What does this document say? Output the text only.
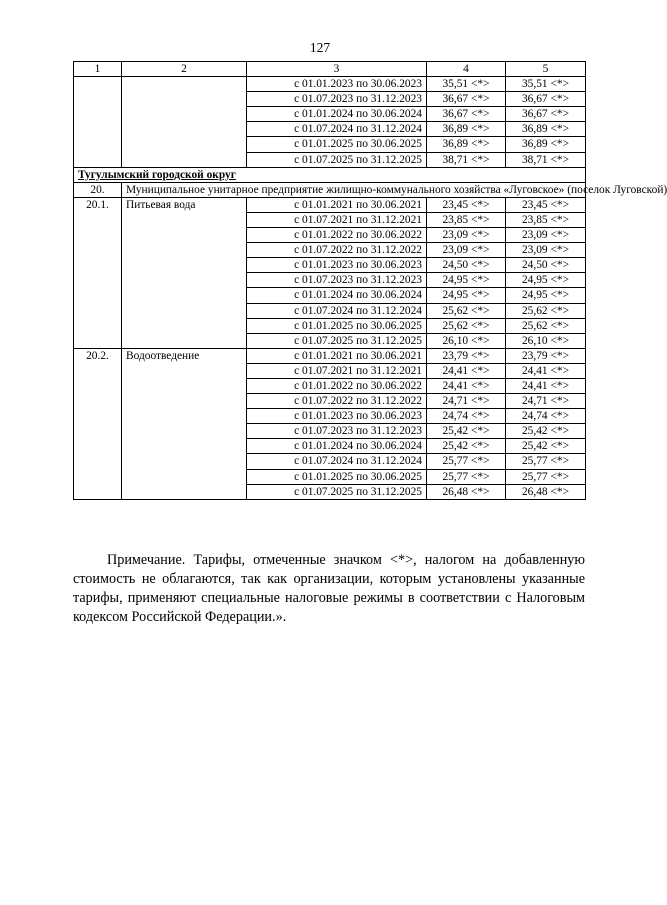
127
1	2	3	4	5
		с 01.01.2023 по 30.06.2023	35,51 <*>	35,51 <*>
		с 01.07.2023 по 31.12.2023	36,67 <*>	36,67 <*>
		с 01.01.2024 по 30.06.2024	36,67 <*>	36,67 <*>
		с 01.07.2024 по 31.12.2024	36,89 <*>	36,89 <*>
		с 01.01.2025 по 30.06.2025	36,89 <*>	36,89 <*>
		с 01.07.2025 по 31.12.2025	38,71 <*>	38,71 <*>
Тугулымский городской округ				
20.	Муниципальное унитарное предприятие жилищно-коммунального хозяйства «Луговское» (поселок Луговской)			
20.1.	Питьевая вода	с 01.01.2021 по 30.06.2021	23,45 <*>	23,45 <*>
		с 01.07.2021 по 31.12.2021	23,85 <*>	23,85 <*>
		с 01.01.2022 по 30.06.2022	23,09 <*>	23,09 <*>
		с 01.07.2022 по 31.12.2022	23,09 <*>	23,09 <*>
		с 01.01.2023 по 30.06.2023	24,50 <*>	24,50 <*>
		с 01.07.2023 по 31.12.2023	24,95 <*>	24,95 <*>
		с 01.01.2024 по 30.06.2024	24,95 <*>	24,95 <*>
		с 01.07.2024 по 31.12.2024	25,62 <*>	25,62 <*>
		с 01.01.2025 по 30.06.2025	25,62 <*>	25,62 <*>
		с 01.07.2025 по 31.12.2025	26,10 <*>	26,10 <*>
20.2.	Водоотведение	с 01.01.2021 по 30.06.2021	23,79 <*>	23,79 <*>
		с 01.07.2021 по 31.12.2021	24,41 <*>	24,41 <*>
		с 01.01.2022 по 30.06.2022	24,41 <*>	24,41 <*>
		с 01.07.2022 по 31.12.2022	24,71 <*>	24,71 <*>
		с 01.01.2023 по 30.06.2023	24,74 <*>	24,74 <*>
		с 01.07.2023 по 31.12.2023	25,42 <*>	25,42 <*>
		с 01.01.2024 по 30.06.2024	25,42 <*>	25,42 <*>
		с 01.07.2024 по 31.12.2024	25,77 <*>	25,77 <*>
		с 01.01.2025 по 30.06.2025	25,77 <*>	25,77 <*>
		с 01.07.2025 по 31.12.2025	26,48 <*>	26,48 <*>

Примечание. Тарифы, отмеченные значком <*>, налогом на добавленную стоимость не облагаются, так как организации, которым установлены указанные тарифы, применяют специальные налоговые режимы в соответствии с Налоговым кодексом Российской Федерации.».
